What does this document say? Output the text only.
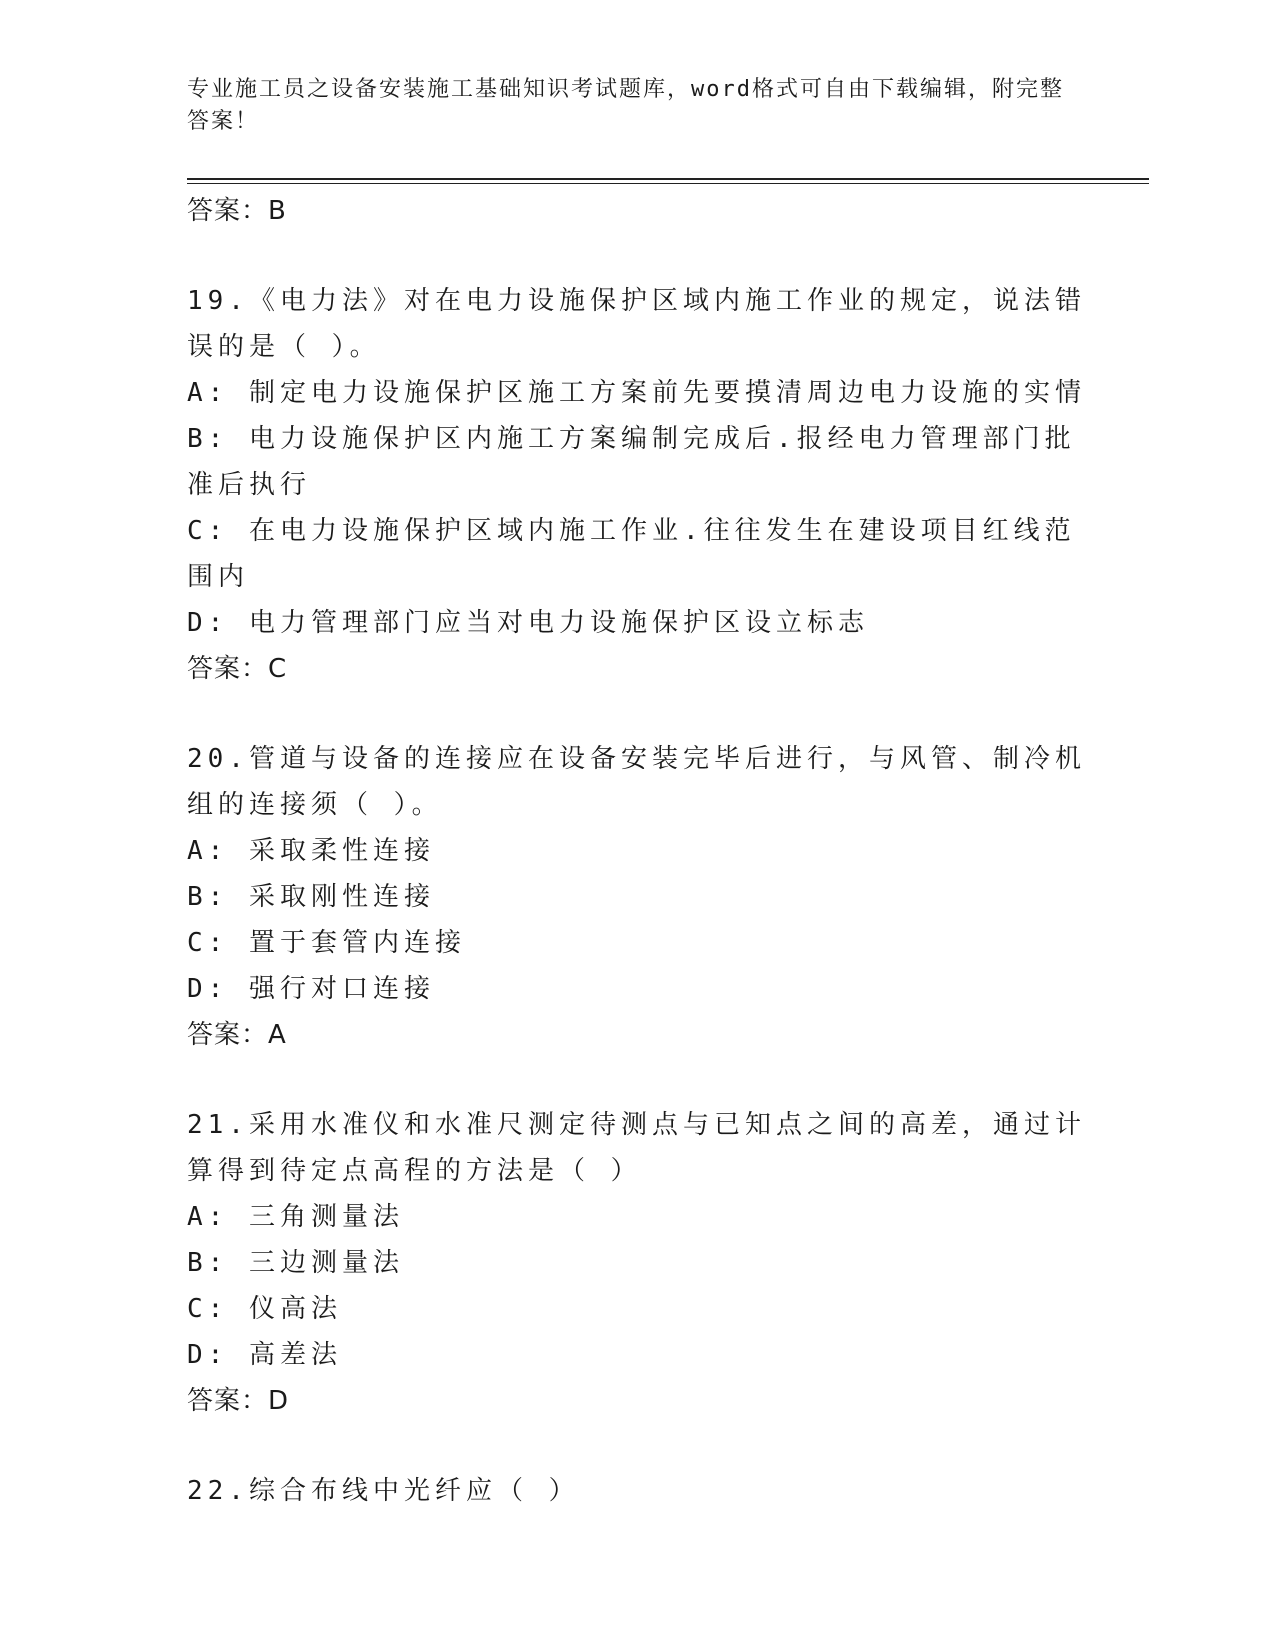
专业施工员之设备安装施工基础知识考试题库，word格式可自由下载编辑，附完整答案！
答案：B
19.《电力法》对在电力设施保护区域内施工作业的规定，说法错误的是（ ）。
A: 制定电力设施保护区施工方案前先要摸清周边电力设施的实情
B: 电力设施保护区内施工方案编制完成后.报经电力管理部门批准后执行
C: 在电力设施保护区域内施工作业.往往发生在建设项目红线范围内
D: 电力管理部门应当对电力设施保护区设立标志
答案：C
20.管道与设备的连接应在设备安装完毕后进行，与风管、制冷机组的连接须（ ）。
A: 采取柔性连接
B: 采取刚性连接
C: 置于套管内连接
D: 强行对口连接
答案：A
21.采用水准仪和水准尺测定待测点与已知点之间的高差，通过计算得到待定点高程的方法是（ ）
A: 三角测量法
B: 三边测量法
C: 仪高法
D: 高差法
答案：D
22.综合布线中光纤应（ ）
